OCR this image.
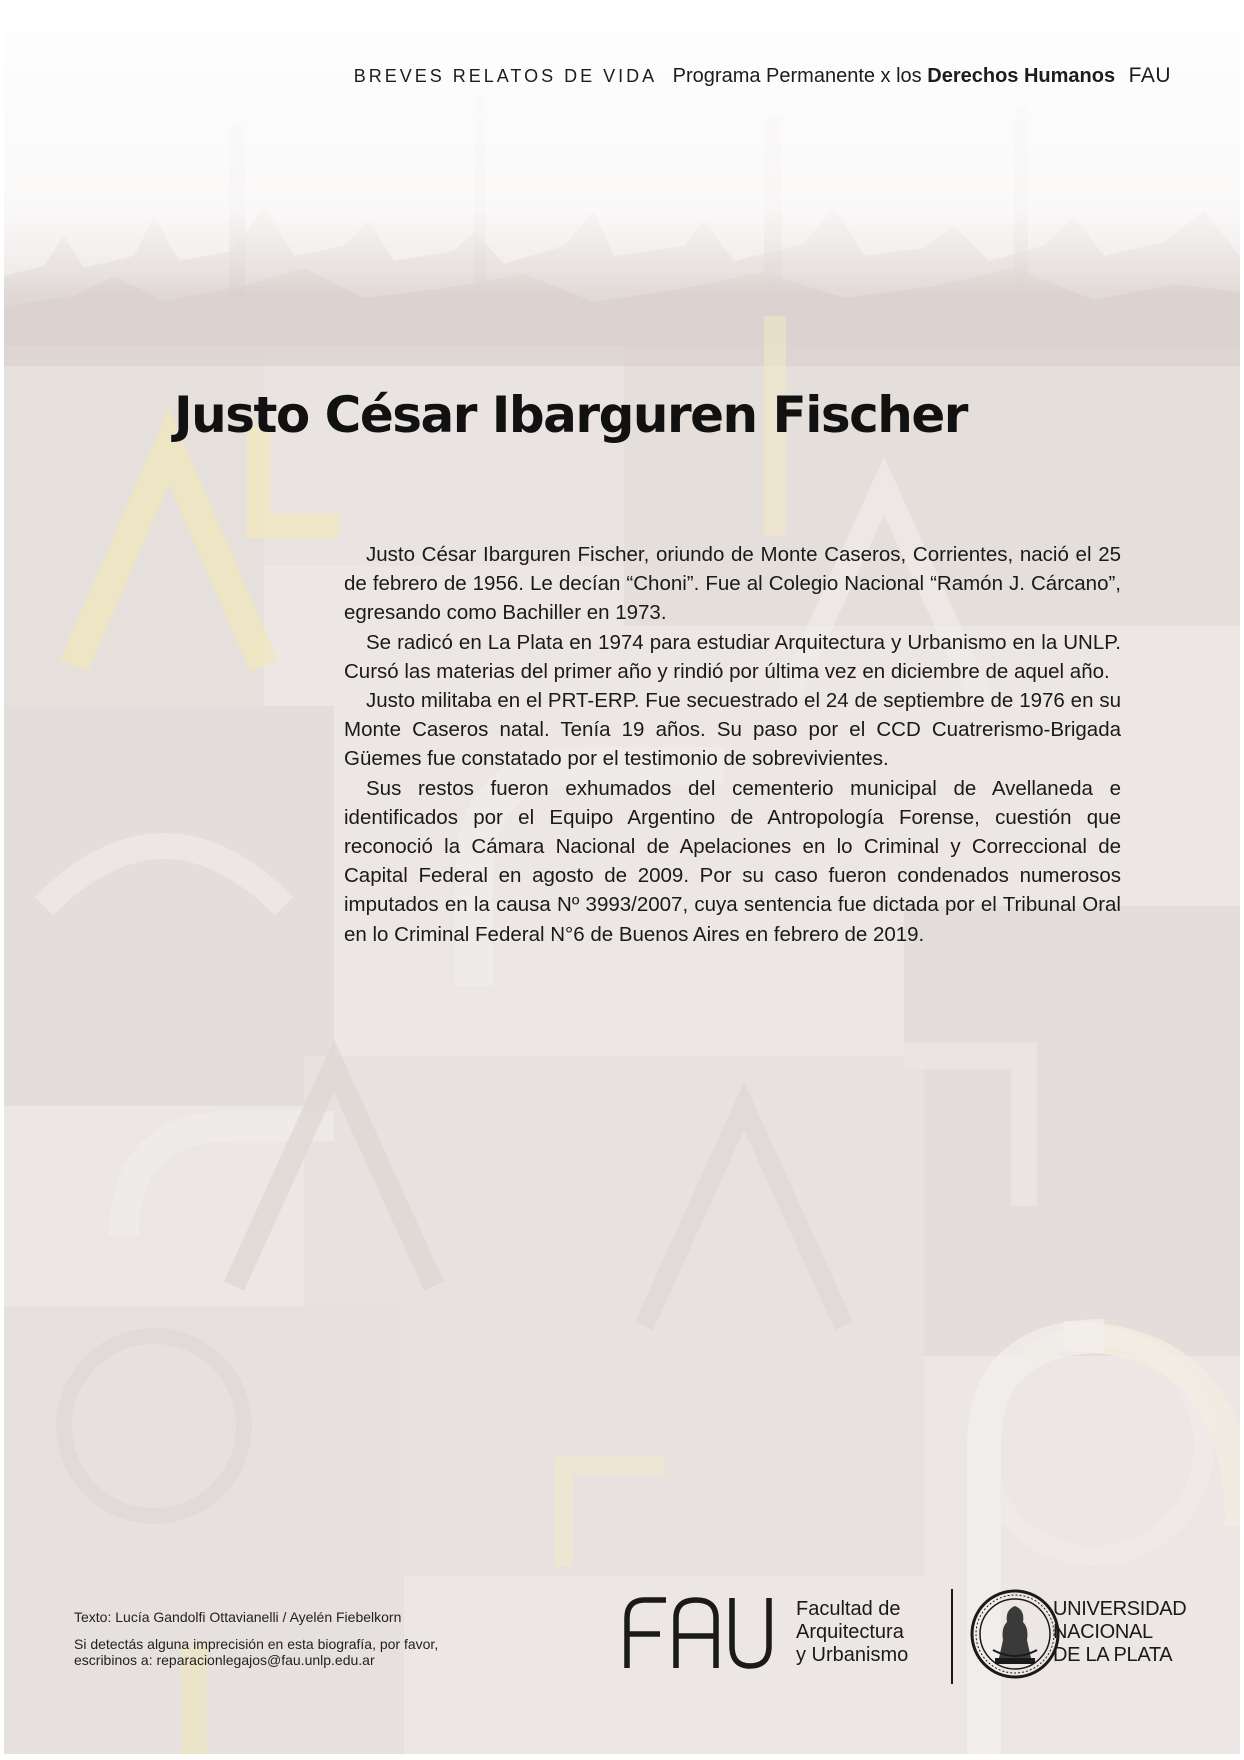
BREVES RELATOS DE VIDA Programa Permanente x los Derechos Humanos FAU
Justo César Ibarguren Fischer

Justo César Ibarguren Fischer, oriundo de Monte Caseros, Corrientes, nació el 25 de febrero de 1956. Le decían “Choni”. Fue al Colegio Nacional “Ramón J. Cárcano”, egresando como Bachiller en 1973.

Se radicó en La Plata en 1974 para estudiar Arquitectura y Urbanismo en la UNLP. Cursó las materias del primer año y rindió por última vez en diciembre de aquel año.

Justo militaba en el PRT-ERP. Fue secuestrado el 24 de septiembre de 1976 en su Monte Caseros natal. Tenía 19 años. Su paso por el CCD Cuatrerismo-Brigada Güemes fue constatado por el testimonio de sobrevivientes.

Sus restos fueron exhumados del cementerio municipal de Avellaneda e identificados por el Equipo Argentino de Antropología Forense, cuestión que reconoció la Cámara Nacional de Apelaciones en lo Criminal y Correccional de Capital Federal en agosto de 2009. Por su caso fueron condenados numerosos imputados en la causa Nº 3993/2007, cuya sentencia fue dictada por el Tribunal Oral en lo Criminal Federal N°6 de Buenos Aires en febrero de 2019.

Texto: Lucía Gandolfi Ottavianelli / Ayelén Fiebelkorn
Si detectás alguna imprecisión en esta biografía, por favor,
escribinos a: reparacionlegajos@fau.unlp.edu.ar
Facultad de
Arquitectura
y Urbanismo
UNIVERSIDAD
NACIONAL
DE LA PLATA
